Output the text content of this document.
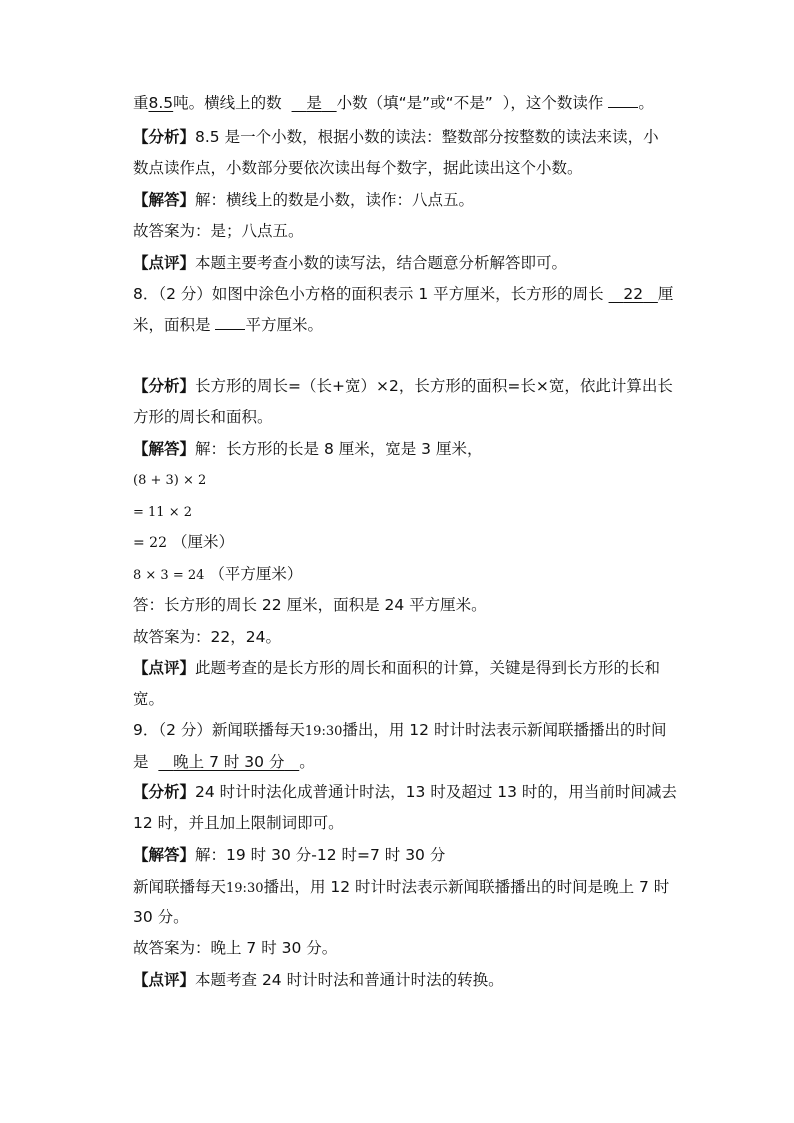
重8.5吨。横线上的数 是 小数（填“是”或“不是” ），这个数读作 。
【分析】8.5 是一个小数，根据小数的读法：整数部分按整数的读法来读，小
数点读作点，小数部分要依次读出每个数字，据此读出这个小数。
【解答】解：横线上的数是小数，读作：八点五。
故答案为：是；八点五。
【点评】本题主要考查小数的读写法，结合题意分析解答即可。
8．（2 分）如图中涂色小方格的面积表示 1 平方厘米，长方形的周长 22 厘
米，面积是 平方厘米。
【分析】长方形的周长=（长+宽）×2，长方形的面积=长×宽，依此计算出长
方形的周长和面积。
【解答】解：长方形的长是 8 厘米，宽是 3 厘米，
(8 + 3) × 2
= 11 × 2
= 22 （厘米）
8 × 3 = 24 （平方厘米）
答：长方形的周长 22 厘米，面积是 24 平方厘米。
故答案为：22，24。
【点评】此题考查的是长方形的周长和面积的计算，关键是得到长方形的长和
宽。
9．（2 分）新闻联播每天19:30播出，用 12 时计时法表示新闻联播播出的时间
是 晚上 7 时 30 分 。
【分析】24 时计时法化成普通计时法，13 时及超过 13 时的，用当前时间减去
12 时，并且加上限制词即可。
【解答】解：19 时 30 分-12 时=7 时 30 分
新闻联播每天19:30播出，用 12 时计时法表示新闻联播播出的时间是晚上 7 时
30 分。
故答案为：晚上 7 时 30 分。
【点评】本题考查 24 时计时法和普通计时法的转换。
